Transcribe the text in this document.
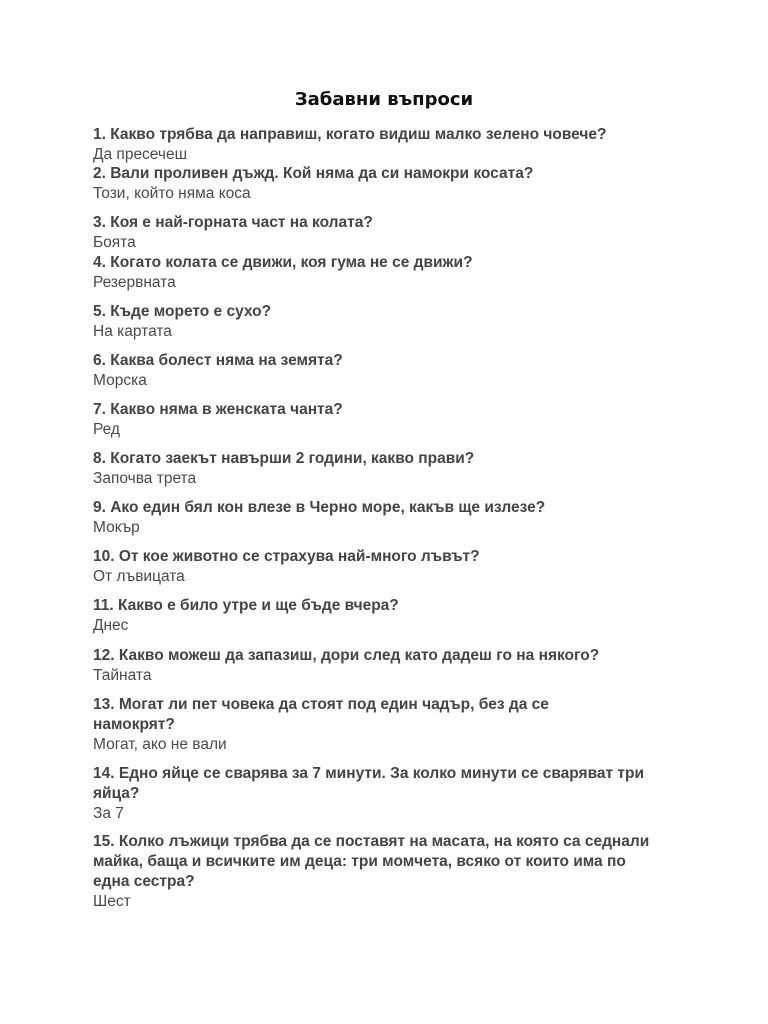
Забавни въпроси
1. Какво трябва да направиш, когато видиш малко зелено човече?
Да пресечеш
2. Вали проливен дъжд. Кой няма да си намокри косата?
Този, който няма коса
3. Коя е най-горната част на колата?
Боята
4. Когато колата се движи, коя гума не се движи?
Резервната
5. Къде морето е сухо?
На картата
6. Каква болест няма на земята?
Морска
7. Какво няма в женската чанта?
Ред
8. Когато заекът навърши 2 години, какво прави?
Започва трета
9. Ако един бял кон влезе в Черно море, какъв ще излезе?
Мокър
10. От кое животно се страхува най-много лъвът?
От лъвицата
11. Какво е било утре и ще бъде вчера?
Днес
12. Какво можеш да запазиш, дори след като дадеш го на някого?
Тайната
13. Могат ли пет човека да стоят под един чадър, без да се намокрят?
Могат, ако не вали
14. Едно яйце се сварява за 7 минути. За колко минути се сваряват три яйца?
За 7
15. Колко лъжици трябва да се поставят на масата, на която са седнали майка, баща и всичките им деца: три момчета, всяко от които има по една сестра?
Шест
